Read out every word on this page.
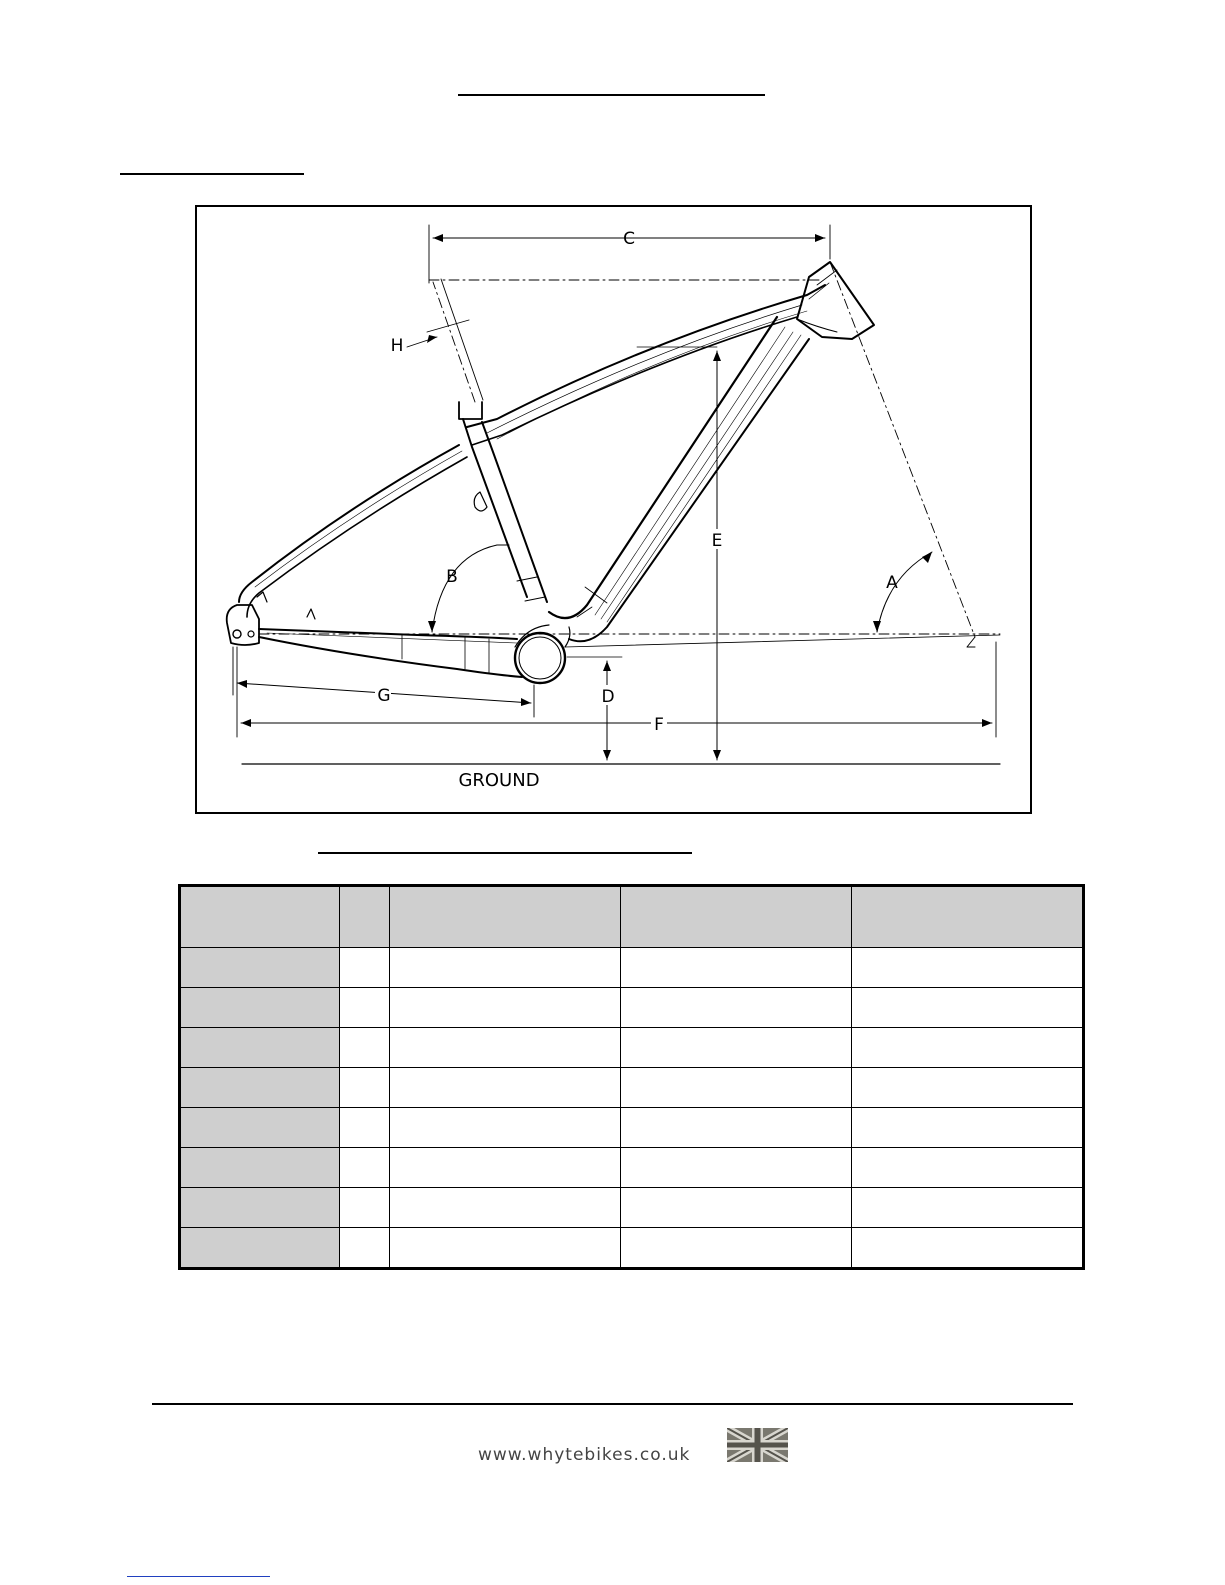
C
H
E
D
F
G
B	A
GROUND

www.whytebikes.co.uk
